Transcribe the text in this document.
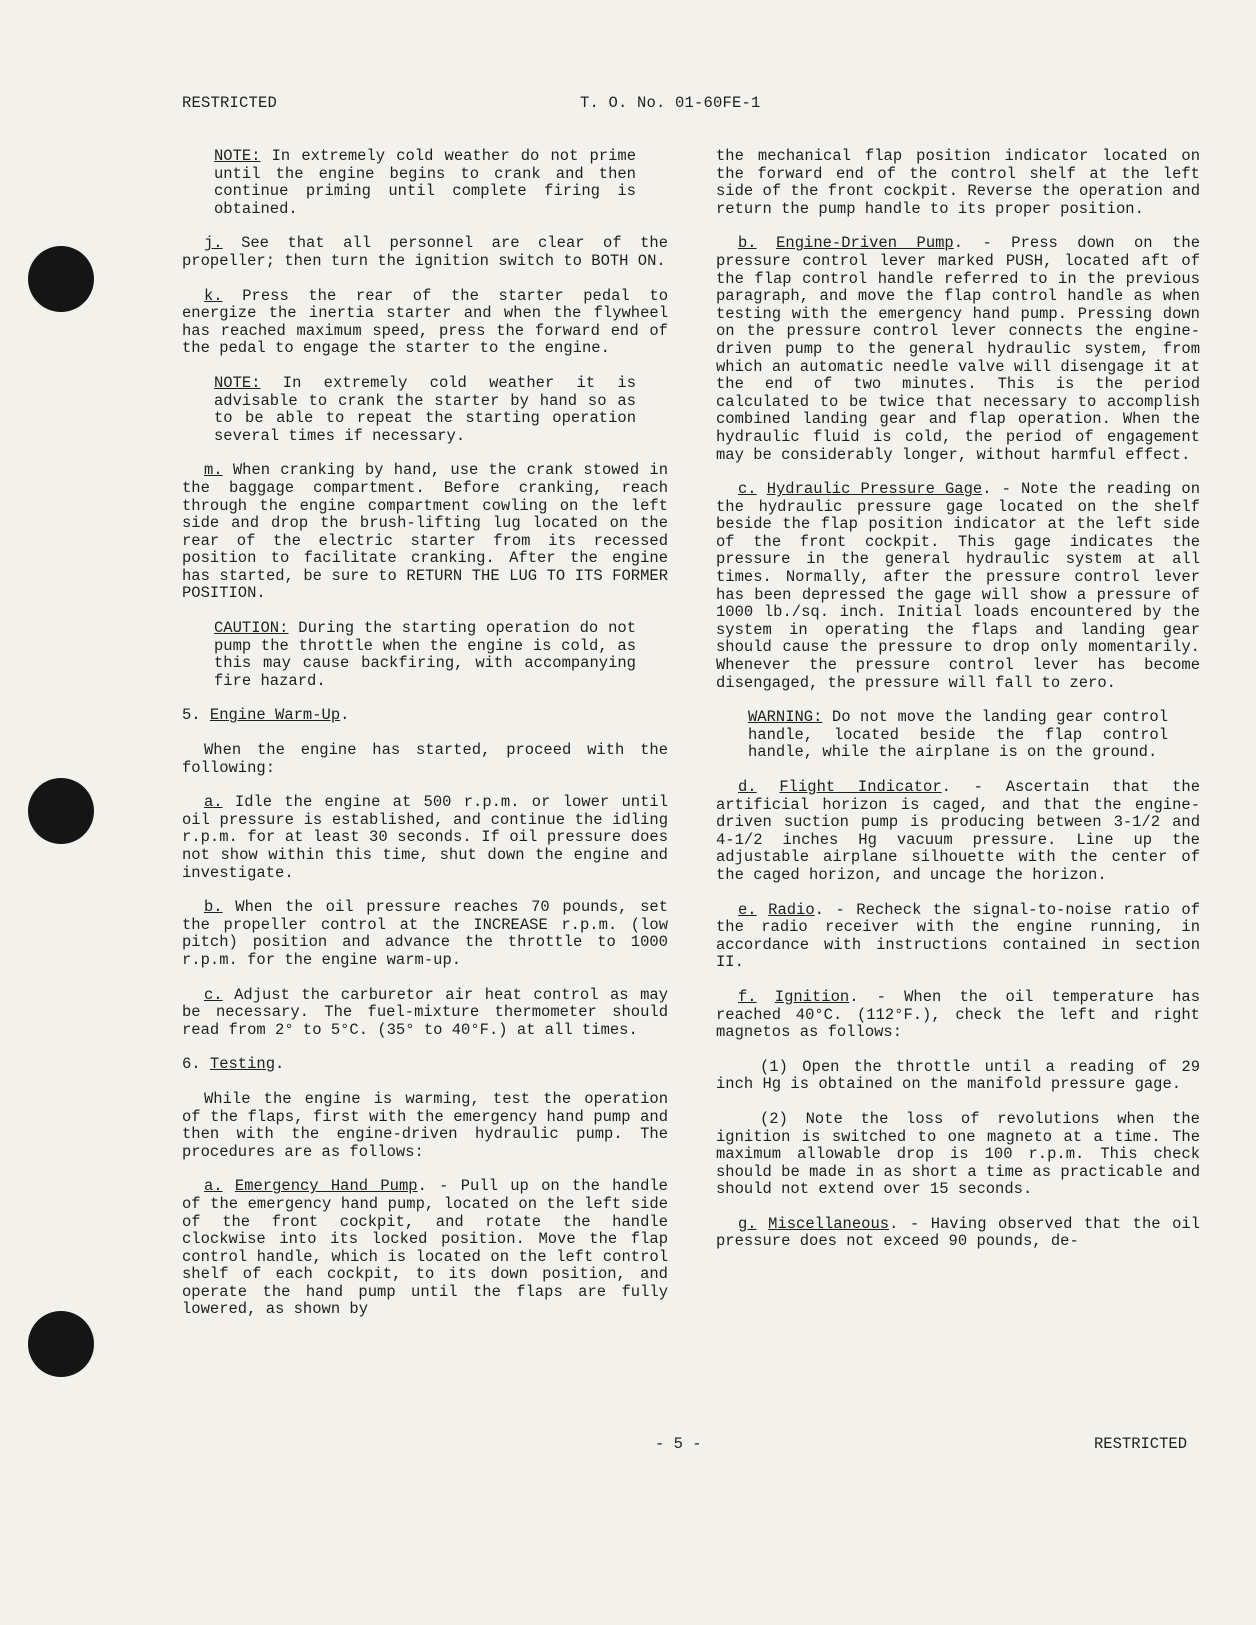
RESTRICTED	T. O. No. 01-60FE-1

NOTE: In extremely cold weather do not prime until the engine begins to crank and then continue priming until complete firing is obtained.

j. See that all personnel are clear of the propeller; then turn the ignition switch to BOTH ON.

k. Press the rear of the starter pedal to energize the inertia starter and when the flywheel has reached maximum speed, press the forward end of the pedal to engage the starter to the engine.

NOTE: In extremely cold weather it is advisable to crank the starter by hand so as to be able to repeat the starting operation several times if necessary.

m. When cranking by hand, use the crank stowed in the baggage compartment. Before cranking, reach through the engine compartment cowling on the left side and drop the brush-lifting lug located on the rear of the electric starter from its recessed position to facilitate cranking. After the engine has started, be sure to RETURN THE LUG TO ITS FORMER POSITION.

CAUTION: During the starting operation do not pump the throttle when the engine is cold, as this may cause backfiring, with accompanying fire hazard.

5. Engine Warm-Up.

When the engine has started, proceed with the following:

a. Idle the engine at 500 r.p.m. or lower until oil pressure is established, and continue the idling r.p.m. for at least 30 seconds. If oil pressure does not show within this time, shut down the engine and investigate.

b. When the oil pressure reaches 70 pounds, set the propeller control at the INCREASE r.p.m. (low pitch) position and advance the throttle to 1000 r.p.m. for the engine warm-up.

c. Adjust the carburetor air heat control as may be necessary. The fuel-mixture thermometer should read from 2° to 5°C. (35° to 40°F.) at all times.

6. Testing.

While the engine is warming, test the operation of the flaps, first with the emergency hand pump and then with the engine-driven hydraulic pump. The procedures are as follows:

a. Emergency Hand Pump. - Pull up on the handle of the emergency hand pump, located on the left side of the front cockpit, and rotate the handle clockwise into its locked position. Move the flap control handle, which is located on the left control shelf of each cockpit, to its down position, and operate the hand pump until the flaps are fully lowered, as shown by

the mechanical flap position indicator located on the forward end of the control shelf at the left side of the front cockpit. Reverse the operation and return the pump handle to its proper position.

b. Engine-Driven Pump. - Press down on the pressure control lever marked PUSH, located aft of the flap control handle referred to in the previous paragraph, and move the flap control handle as when testing with the emergency hand pump. Pressing down on the pressure control lever connects the engine-driven pump to the general hydraulic system, from which an automatic needle valve will disengage it at the end of two minutes. This is the period calculated to be twice that necessary to accomplish combined landing gear and flap operation. When the hydraulic fluid is cold, the period of engagement may be considerably longer, without harmful effect.

c. Hydraulic Pressure Gage. - Note the reading on the hydraulic pressure gage located on the shelf beside the flap position indicator at the left side of the front cockpit. This gage indicates the pressure in the general hydraulic system at all times. Normally, after the pressure control lever has been depressed the gage will show a pressure of 1000 lb./sq. inch. Initial loads encountered by the system in operating the flaps and landing gear should cause the pressure to drop only momentarily. Whenever the pressure control lever has become disengaged, the pressure will fall to zero.

WARNING: Do not move the landing gear control handle, located beside the flap control handle, while the airplane is on the ground.

d. Flight Indicator. - Ascertain that the artificial horizon is caged, and that the engine-driven suction pump is producing between 3-1/2 and 4-1/2 inches Hg vacuum pressure. Line up the adjustable airplane silhouette with the center of the caged horizon, and uncage the horizon.

e. Radio. - Recheck the signal-to-noise ratio of the radio receiver with the engine running, in accordance with instructions contained in section II.

f. Ignition. - When the oil temperature has reached 40°C. (112°F.), check the left and right magnetos as follows:

(1) Open the throttle until a reading of 29 inch Hg is obtained on the manifold pressure gage.

(2) Note the loss of revolutions when the ignition is switched to one magneto at a time. The maximum allowable drop is 100 r.p.m. This check should be made in as short a time as practicable and should not extend over 15 seconds.

g. Miscellaneous. - Having observed that the oil pressure does not exceed 90 pounds, de-

- 5 -	RESTRICTED
